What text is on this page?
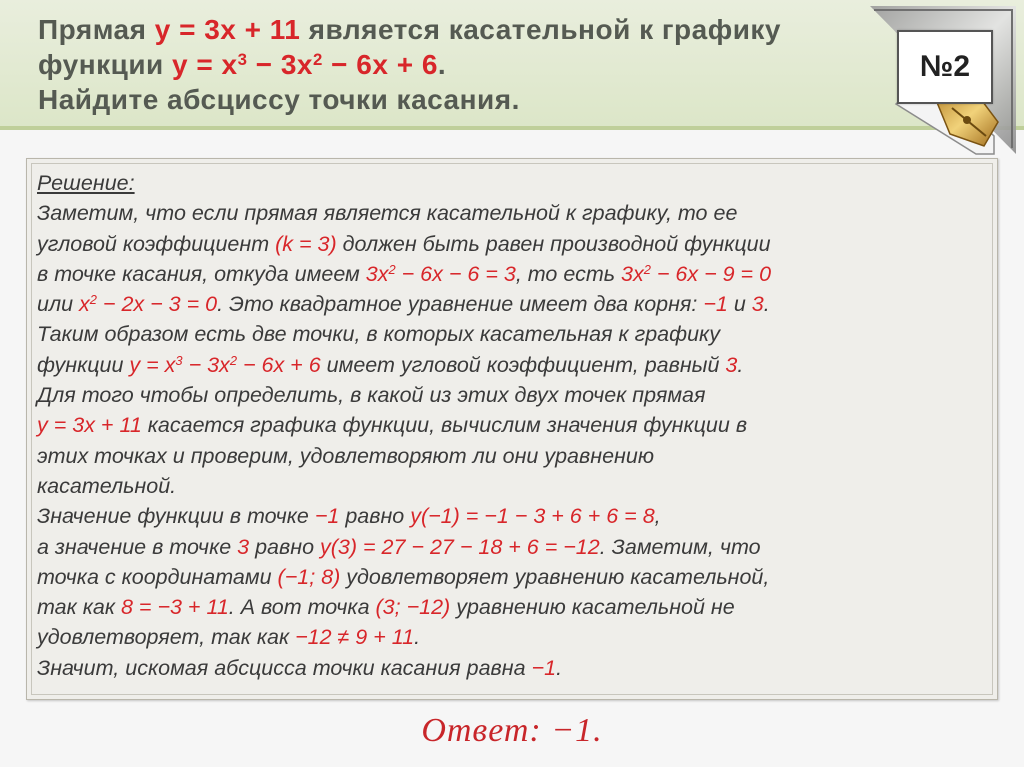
Прямая y = 3x + 11 является касательной к графику
функции $y = x^3 - 3x^2 - 6x + 6$.
Найдите абсциссу точки касания.
№2
Решение:
Заметим, что если прямая является касательной к графику, то ее
угловой коэффициент (k = 3) должен быть равен производной функции
в точке касания, откуда имеем $3x^2 - 6x - 6 = 3$, то есть $3x^2 - 6x - 9 = 0$
или $x^2 - 2x - 3 = 0$. Это квадратное уравнение имеет два корня: −1 и 3.
Таким образом есть две точки, в которых касательная к графику
функции $y = x^3 - 3x^2 - 6x + 6$ имеет угловой коэффициент, равный 3.
Для того чтобы определить, в какой из этих двух точек прямая
y = 3x + 11 касается графика функции, вычислим значения функции в
этих точках и проверим, удовлетворяют ли они уравнению
касательной.
Значение функции в точке −1 равно y(−1) = −1 − 3 + 6 + 6 = 8,
а значение в точке 3 равно y(3) = 27 − 27 − 18 + 6 = −12. Заметим, что
точка с координатами (−1; 8) удовлетворяет уравнению касательной,
так как 8 = −3 + 11. А вот точка (3; −12) уравнению касательной не
удовлетворяет, так как −12 ≠ 9 + 11.
Значит, искомая абсцисса точки касания равна −1.
Ответ: −1.
